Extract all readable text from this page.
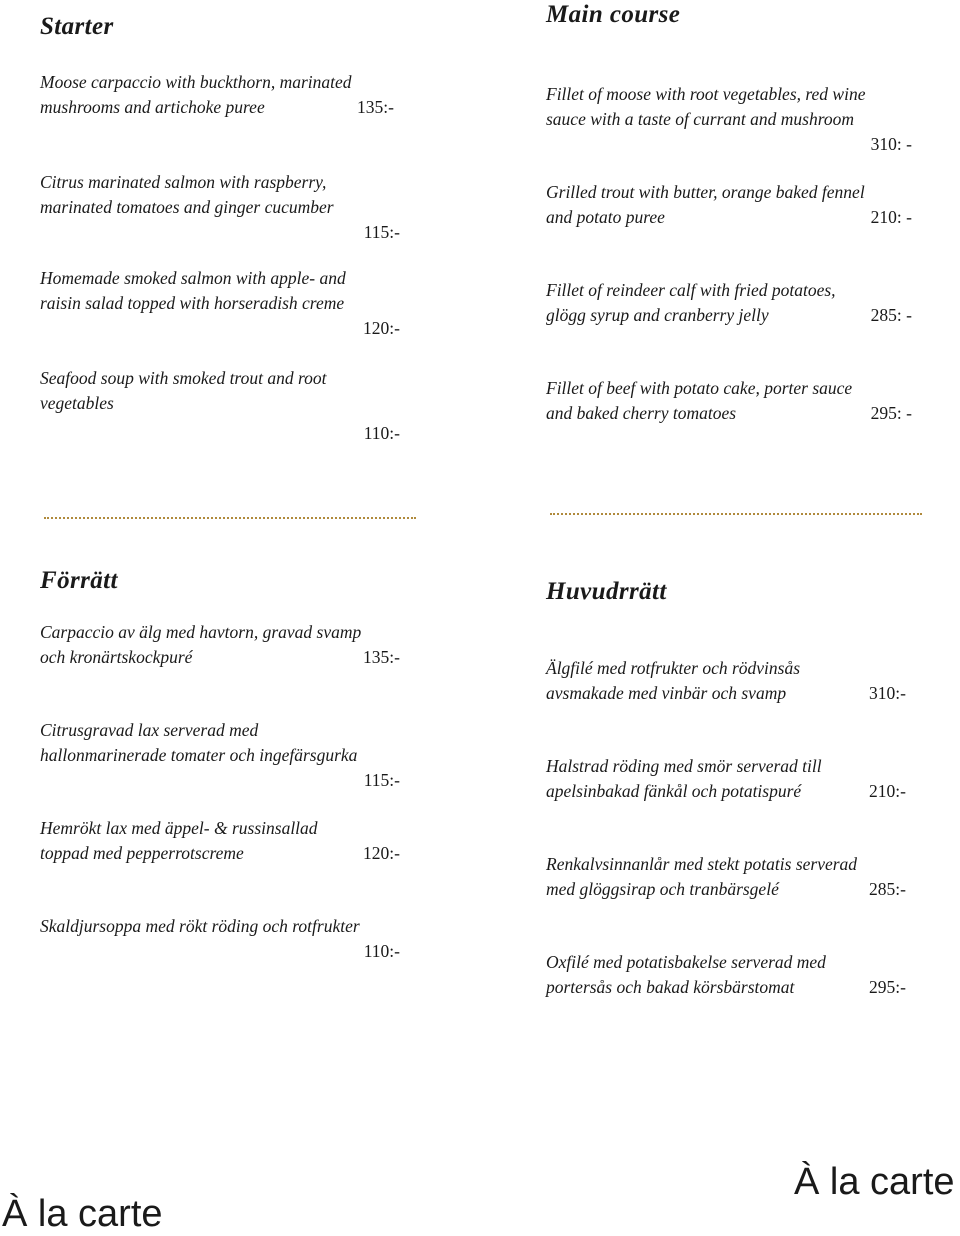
Starter
Moose carpaccio with buckthorn, marinated
mushrooms and artichoke puree	135:-
Citrus marinated salmon with raspberry,
marinated tomatoes and ginger cucumber
115:-
Homemade smoked salmon with apple- and
raisin salad topped with horseradish creme
120:-
Seafood soup with smoked trout and root
vegetables
110:-
Main course
Fillet of moose with root vegetables, red wine
sauce with a taste of currant and mushroom
310: -
Grilled trout with butter, orange baked fennel
and potato puree	210: -
Fillet of reindeer calf with fried potatoes,
glögg syrup and cranberry jelly	285: -
Fillet of beef with potato cake, porter sauce
and baked cherry tomatoes	295: -
Förrätt
Carpaccio av älg med havtorn, gravad svamp
och kronärtskockpuré	135:-
Citrusgravad lax serverad med
hallonmarinerade tomater och ingefärsgurka
115:-
Hemrökt lax med äppel- & russinsallad
toppad med pepperrotscreme	120:-
Skaldjursoppa med rökt röding och rotfrukter
110:-
Huvudrrätt
Älgfilé med rotfrukter och rödvinsås
avsmakade med vinbär och svamp	310:-
Halstrad röding med smör serverad till
apelsinbakad fänkål och potatispuré	210:-
Renkalvsinnanlår med stekt potatis serverad
med glöggsirap och tranbärsgelé	285:-
Oxfilé med potatisbakelse serverad med
portersås och bakad körsbärstomat	295:-
À la carte
À la carte
